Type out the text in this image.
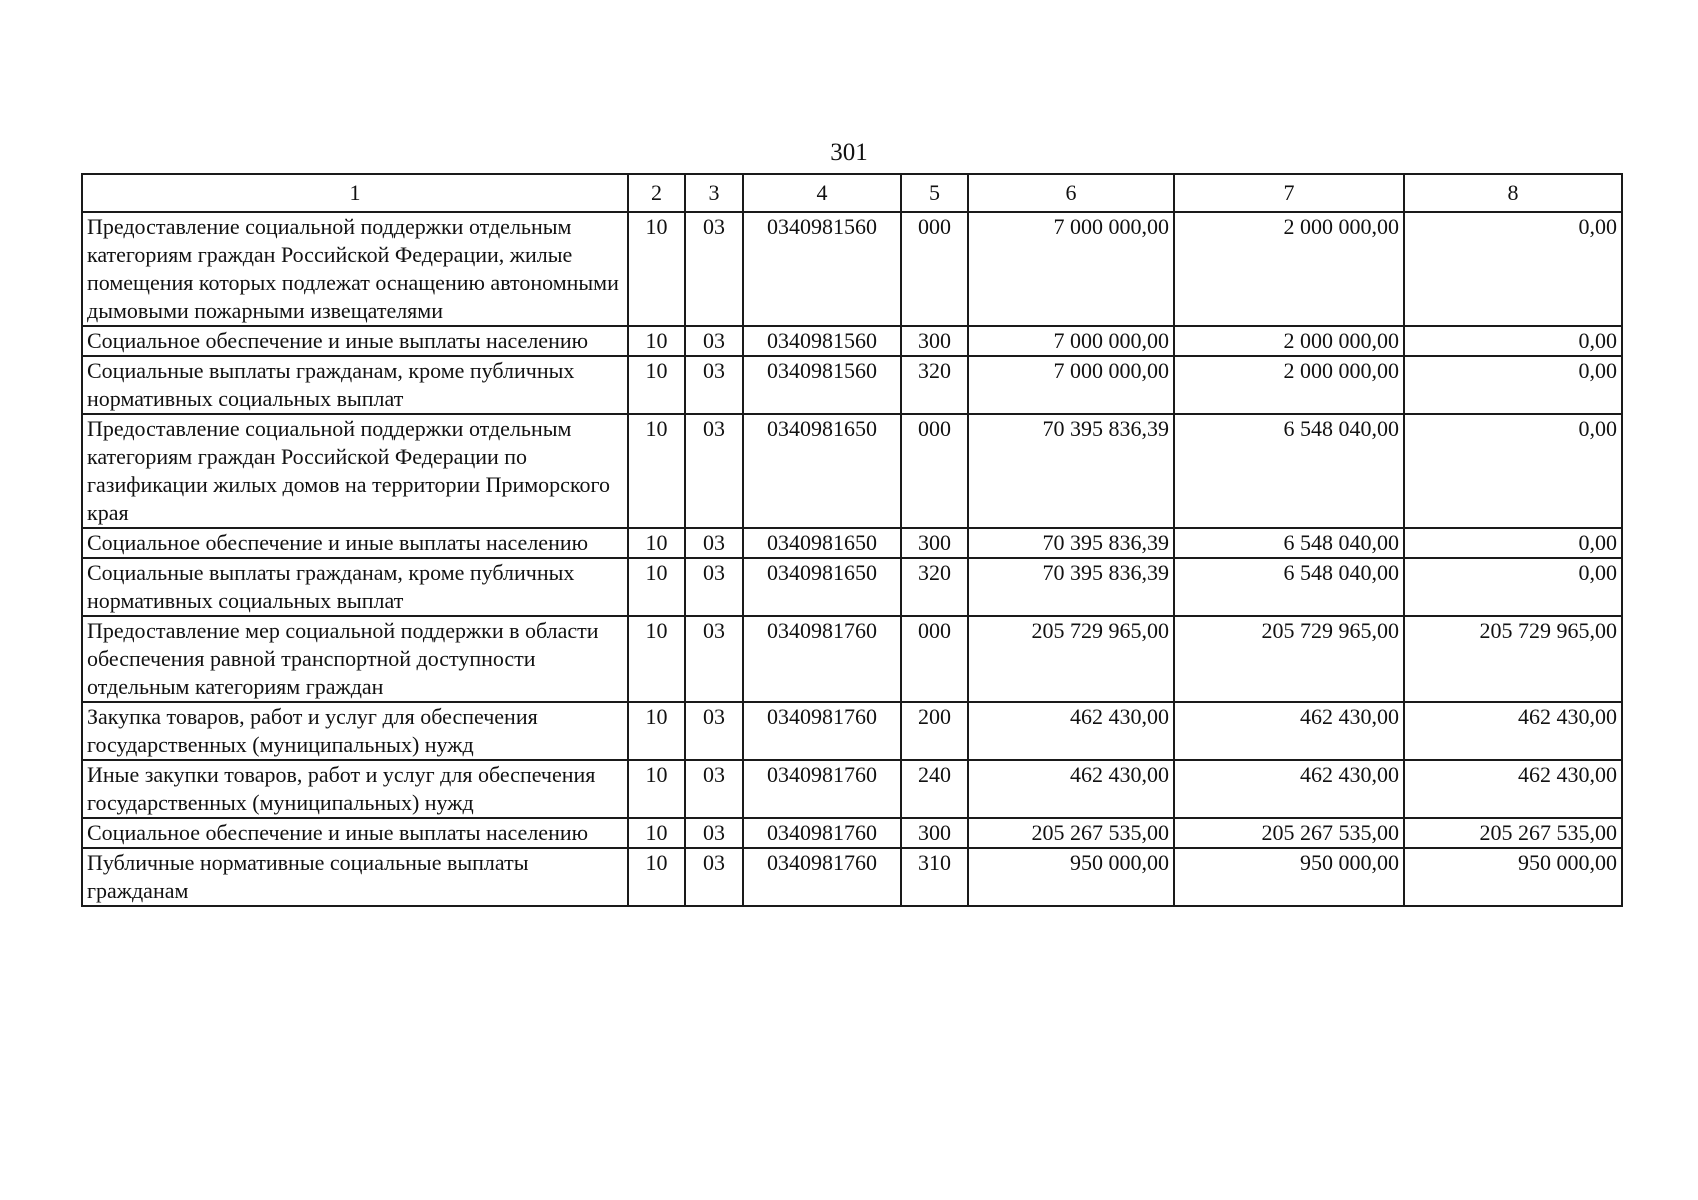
301
1	2	3	4	5	6	7	8
Предоставление социальной поддержки отдельным категориям граждан Российской Федерации, жилые помещения которых подлежат оснащению автономными дымовыми пожарными извещателями	10	03	0340981560	000	7 000 000,00	2 000 000,00	0,00
Социальное обеспечение и иные выплаты населению	10	03	0340981560	300	7 000 000,00	2 000 000,00	0,00
Социальные выплаты гражданам, кроме публичных нормативных социальных выплат	10	03	0340981560	320	7 000 000,00	2 000 000,00	0,00
Предоставление социальной поддержки отдельным категориям граждан Российской Федерации по газификации жилых домов на территории Приморского края	10	03	0340981650	000	70 395 836,39	6 548 040,00	0,00
Социальное обеспечение и иные выплаты населению	10	03	0340981650	300	70 395 836,39	6 548 040,00	0,00
Социальные выплаты гражданам, кроме публичных нормативных социальных выплат	10	03	0340981650	320	70 395 836,39	6 548 040,00	0,00
Предоставление мер социальной поддержки в области обеспечения равной транспортной доступности отдельным категориям граждан	10	03	0340981760	000	205 729 965,00	205 729 965,00	205 729 965,00
Закупка товаров, работ и услуг для обеспечения государственных (муниципальных) нужд	10	03	0340981760	200	462 430,00	462 430,00	462 430,00
Иные закупки товаров, работ и услуг для обеспечения государственных (муниципальных) нужд	10	03	0340981760	240	462 430,00	462 430,00	462 430,00
Социальное обеспечение и иные выплаты населению	10	03	0340981760	300	205 267 535,00	205 267 535,00	205 267 535,00
Публичные нормативные социальные выплаты гражданам	10	03	0340981760	310	950 000,00	950 000,00	950 000,00
